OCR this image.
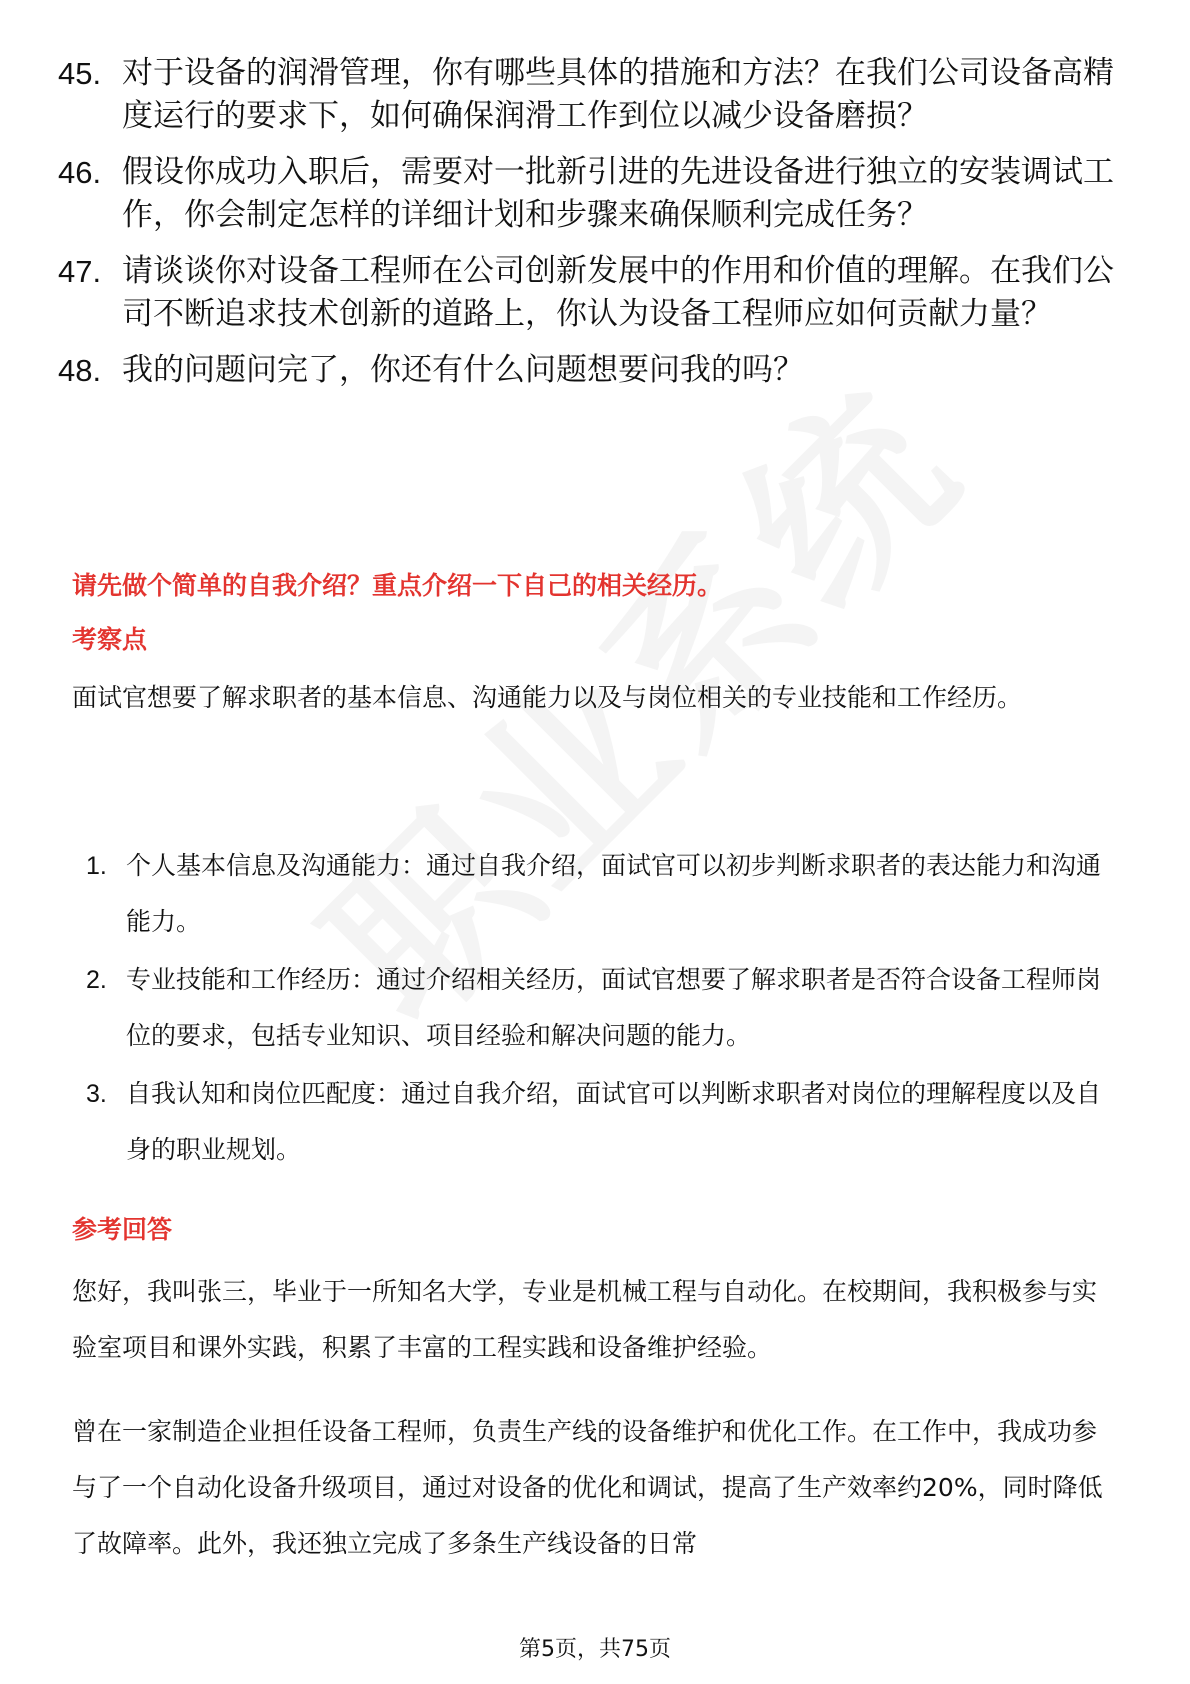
45. 对于设备的润滑管理，你有哪些具体的措施和方法？在我们公司设备高精度运行的要求下，如何确保润滑工作到位以减少设备磨损？
46. 假设你成功入职后，需要对一批新引进的先进设备进行独立的安装调试工作，你会制定怎样的详细计划和步骤来确保顺利完成任务？
47. 请谈谈你对设备工程师在公司创新发展中的作用和价值的理解。在我们公司不断追求技术创新的道路上，你认为设备工程师应如何贡献力量？
48. 我的问题问完了，你还有什么问题想要问我的吗？
请先做个简单的自我介绍？重点介绍一下自己的相关经历。
考察点
面试官想要了解求职者的基本信息、沟通能力以及与岗位相关的专业技能和工作经历。
1. 个人基本信息及沟通能力：通过自我介绍，面试官可以初步判断求职者的表达能力和沟通能力。
2. 专业技能和工作经历：通过介绍相关经历，面试官想要了解求职者是否符合设备工程师岗位的要求，包括专业知识、项目经验和解决问题的能力。
3. 自我认知和岗位匹配度：通过自我介绍，面试官可以判断求职者对岗位的理解程度以及自身的职业规划。
参考回答
您好，我叫张三，毕业于一所知名大学，专业是机械工程与自动化。在校期间，我积极参与实验室项目和课外实践，积累了丰富的工程实践和设备维护经验。
曾在一家制造企业担任设备工程师，负责生产线的设备维护和优化工作。在工作中，我成功参与了一个自动化设备升级项目，通过对设备的优化和调试，提高了生产效率约20%，同时降低了故障率。此外，我还独立完成了多条生产线设备的日常
第5页，共75页
